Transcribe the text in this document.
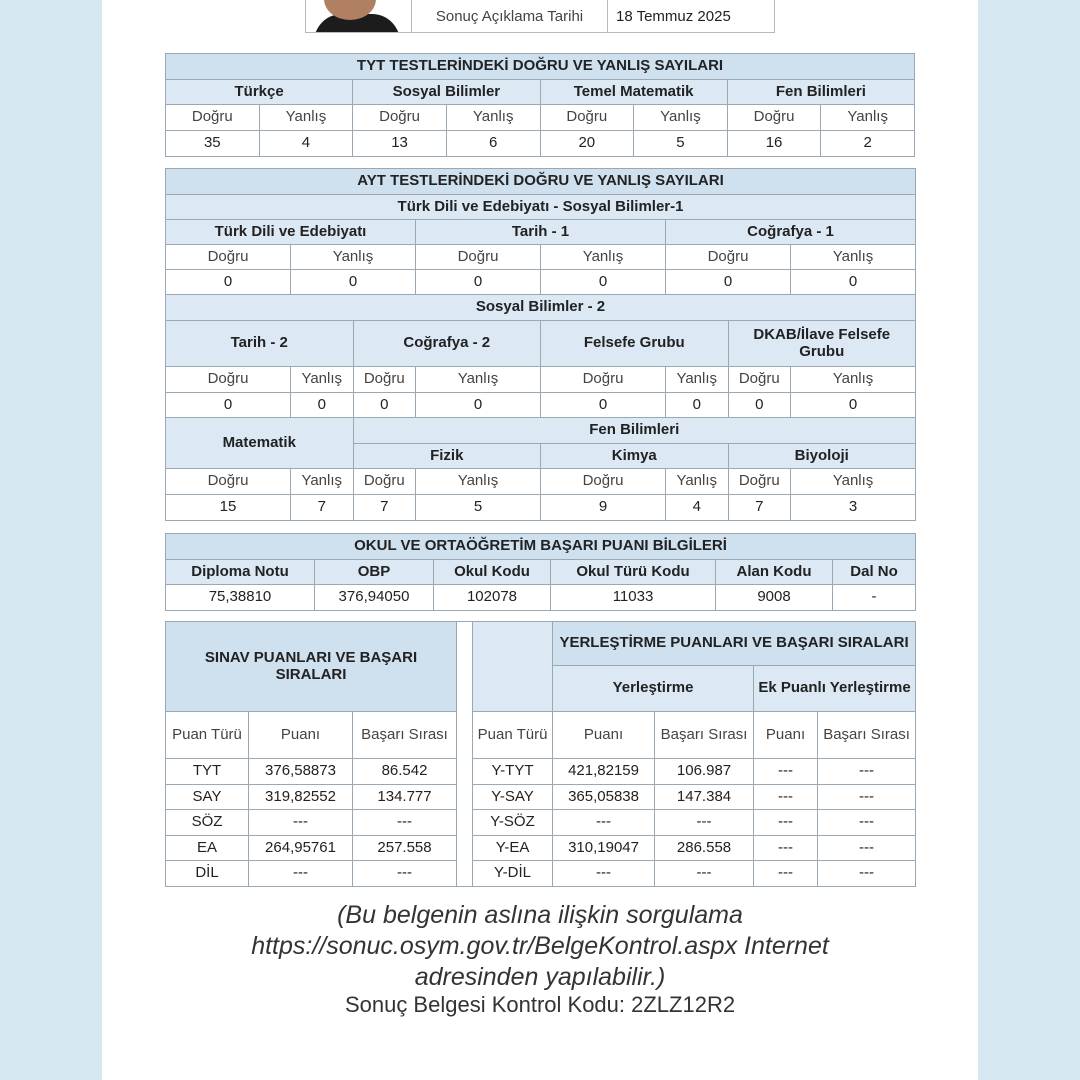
Sonuç Açıklama Tarihi	18 Temmuz 2025
TYT TESTLERİNDEKİ DOĞRU VE YANLIŞ SAYILARI							
Türkçe		Sosyal Bilimler		Temel Matematik		Fen Bilimleri	
Doğru	Yanlış	Doğru	Yanlış	Doğru	Yanlış	Doğru	Yanlış
35	4	13	6	20	5	16	2
AYT TESTLERİNDEKİ DOĞRU VE YANLIŞ SAYILARI							
Türk Dili ve Edebiyatı - Sosyal Bilimler-1							
Türk Dili ve Edebiyatı			Tarih - 1		Coğrafya - 1		
Doğru	Yanlış		Doğru	Yanlış	Doğru		Yanlış
0	0		0	0	0		0
Sosyal Bilimler - 2							
Tarih - 2		Coğrafya - 2		Felsefe Grubu		DKAB/İlave Felsefe Grubu	
Doğru	Yanlış	Doğru	Yanlış	Doğru	Yanlış	Doğru	Yanlış
0	0	0	0	0	0	0	0
Matematik		Fen Bilimleri					
		Fizik		Kimya		Biyoloji	
Doğru	Yanlış	Doğru	Yanlış	Doğru	Yanlış	Doğru	Yanlış
15	7	7	5	9	4	7	3
OKUL VE ORTAÖĞRETİM BAŞARI PUANI BİLGİLERİ					
Diploma Notu	OBP	Okul Kodu	Okul Türü Kodu	Alan Kodu	Dal No
75,38810	376,94050	102078	11033	9008	-
SINAV PUANLARI VE BAŞARI SIRALARI					YERLEŞTİRME PUANLARI VE BAŞARI SIRALARI			
					Yerleştirme		Ek Puanlı Yerleştirme	
Puan Türü	Puanı	Başarı Sırası		Puan Türü	Puanı	Başarı Sırası	Puanı	Başarı Sırası
TYT	376,58873	86.542		Y-TYT	421,82159	106.987	---	---
SAY	319,82552	134.777		Y-SAY	365,05838	147.384	---	---
SÖZ	---	---		Y-SÖZ	---	---	---	---
EA	264,95761	257.558		Y-EA	310,19047	286.558	---	---
DİL	---	---		Y-DİL	---	---	---	---
(Bu belgenin aslına ilişkin sorgulama
https://sonuc.osym.gov.tr/BelgeKontrol.aspx Internet
adresinden yapılabilir.)
Sonuç Belgesi Kontrol Kodu: 2ZLZ12R2
